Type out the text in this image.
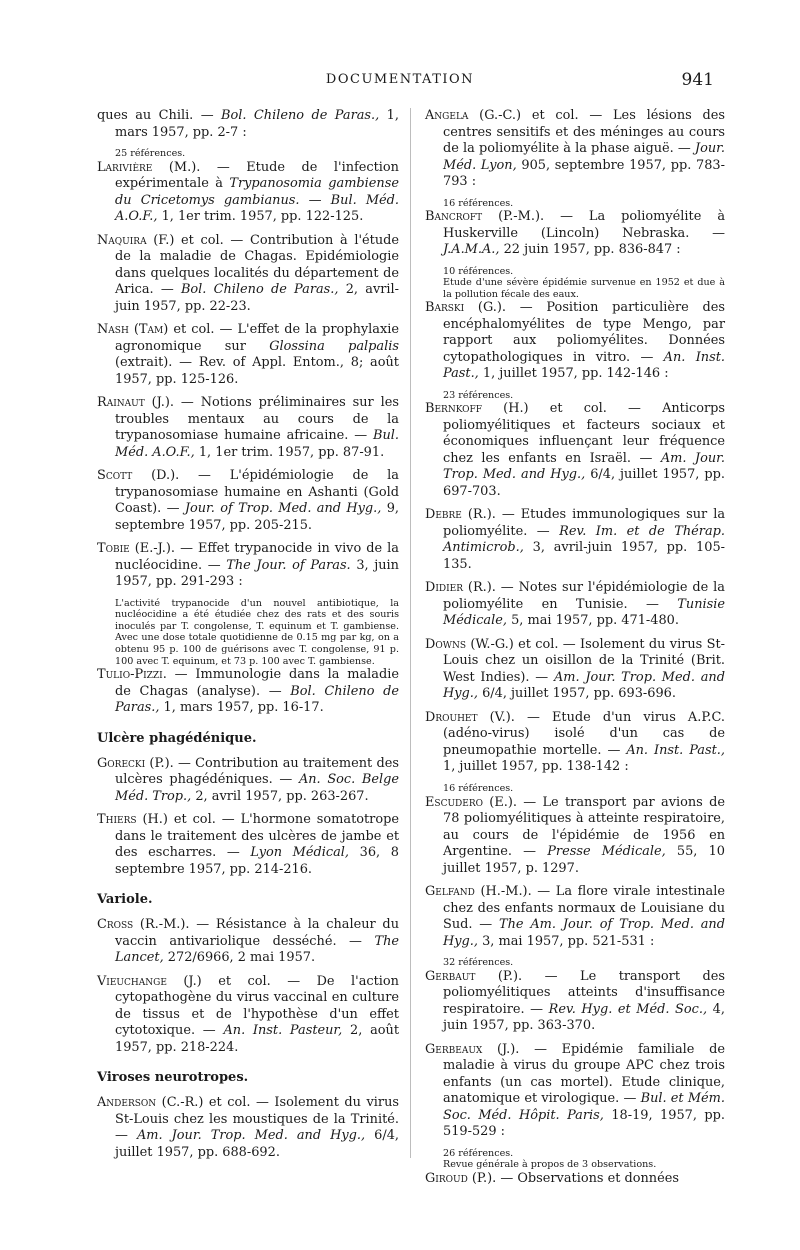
DOCUMENTATION	941
ques au Chili. — Bol. Chileno de Paras., 1, mars 1957, pp. 2-7 :
25 références.
Larivière (M.). — Etude de l'infection expérimentale à Trypanosomia gambiense du Cricetomys gambianus. — Bul. Méd. A.O.F., 1, 1er trim. 1957, pp. 122-125.
Naquira (F.) et col. — Contribution à l'étude de la maladie de Chagas. Epidémiologie dans quelques localités du département de Arica. — Bol. Chileno de Paras., 2, avril-juin 1957, pp. 22-23.
Nash (Tam) et col. — L'effet de la prophylaxie agronomique sur Glossina palpalis (extrait). — Rev. of Appl. Entom., 8; août 1957, pp. 125-126.
Rainaut (J.). — Notions préliminaires sur les troubles mentaux au cours de la trypanosomiase humaine africaine. — Bul. Méd. A.O.F., 1, 1er trim. 1957, pp. 87-91.
Scott (D.). — L'épidémiologie de la trypanosomiase humaine en Ashanti (Gold Coast). — Jour. of Trop. Med. and Hyg., 9, septembre 1957, pp. 205-215.
Tobie (E.-J.). — Effet trypanocide in vivo de la nucléocidine. — The Jour. of Paras. 3, juin 1957, pp. 291-293 :
L'activité trypanocide d'un nouvel antibiotique, la nucléocidine a été étudiée chez des rats et des souris inoculés par T. congolense, T. equinum et T. gambiense. Avec une dose totale quotidienne de 0.15 mg par kg, on a obtenu 95 p. 100 de guérisons avec T. congolense, 91 p. 100 avec T. equinum, et 73 p. 100 avec T. gambiense.
Tulio-Pizzi. — Immunologie dans la maladie de Chagas (analyse). — Bol. Chileno de Paras., 1, mars 1957, pp. 16-17.
Ulcère phagédénique.
Gorecki (P.). — Contribution au traitement des ulcères phagédéniques. — An. Soc. Belge Méd. Trop., 2, avril 1957, pp. 263-267.
Thiers (H.) et col. — L'hormone somatotrope dans le traitement des ulcères de jambe et des escharres. — Lyon Médical, 36, 8 septembre 1957, pp. 214-216.
Variole.
Cross (R.-M.). — Résistance à la chaleur du vaccin antivariolique desséché. — The Lancet, 272/6966, 2 mai 1957.
Vieuchange (J.) et col. — De l'action cytopathogène du virus vaccinal en culture de tissus et de l'hypothèse d'un effet cytotoxique. — An. Inst. Pasteur, 2, août 1957, pp. 218-224.
Viroses neurotropes.
Anderson (C.-R.) et col. — Isolement du virus St-Louis chez les moustiques de la Trinité. — Am. Jour. Trop. Med. and Hyg., 6/4, juillet 1957, pp. 688-692.
Angela (G.-C.) et col. — Les lésions des centres sensitifs et des méninges au cours de la poliomyélite à la phase aiguë. — Jour. Méd. Lyon, 905, septembre 1957, pp. 783-793 :
16 références.
Bancroft (P.-M.). — La poliomyélite à Huskerville (Lincoln) Nebraska. — J.A.M.A., 22 juin 1957, pp. 836-847 :
10 références.
Etude d'une sévère épidémie survenue en 1952 et due à la pollution fécale des eaux.
Barski (G.). — Position particulière des encéphalomyélites de type Mengo, par rapport aux poliomyélites. Données cytopathologiques in vitro. — An. Inst. Past., 1, juillet 1957, pp. 142-146 :
23 références.
Bernkoff (H.) et col. — Anticorps poliomyélitiques et facteurs sociaux et économiques influençant leur fréquence chez les enfants en Israël. — Am. Jour. Trop. Med. and Hyg., 6/4, juillet 1957, pp. 697-703.
Debre (R.). — Etudes immunologiques sur la poliomyélite. — Rev. Im. et de Thérap. Antimicrob., 3, avril-juin 1957, pp. 105-135.
Didier (R.). — Notes sur l'épidémiologie de la poliomyélite en Tunisie. — Tunisie Médicale, 5, mai 1957, pp. 471-480.
Downs (W.-G.) et col. — Isolement du virus St-Louis chez un oisillon de la Trinité (Brit. West Indies). — Am. Jour. Trop. Med. and Hyg., 6/4, juillet 1957, pp. 693-696.
Drouhet (V.). — Etude d'un virus A.P.C. (adéno-virus) isolé d'un cas de pneumopathie mortelle. — An. Inst. Past., 1, juillet 1957, pp. 138-142 :
16 références.
Escudero (E.). — Le transport par avions de 78 poliomyélitiques à atteinte respiratoire, au cours de l'épidémie de 1956 en Argentine. — Presse Médicale, 55, 10 juillet 1957, p. 1297.
Gelfand (H.-M.). — La flore virale intestinale chez des enfants normaux de Louisiane du Sud. — The Am. Jour. of Trop. Med. and Hyg., 3, mai 1957, pp. 521-531 :
32 références.
Gerbaut (P.). — Le transport des poliomyélitiques atteints d'insuffisance respiratoire. — Rev. Hyg. et Méd. Soc., 4, juin 1957, pp. 363-370.
Gerbeaux (J.). — Epidémie familiale de maladie à virus du groupe APC chez trois enfants (un cas mortel). Etude clinique, anatomique et virologique. — Bul. et Mém. Soc. Méd. Hôpit. Paris, 18-19, 1957, pp. 519-529 :
26 références.
Revue générale à propos de 3 observations.
Giroud (P.). — Observations et données
